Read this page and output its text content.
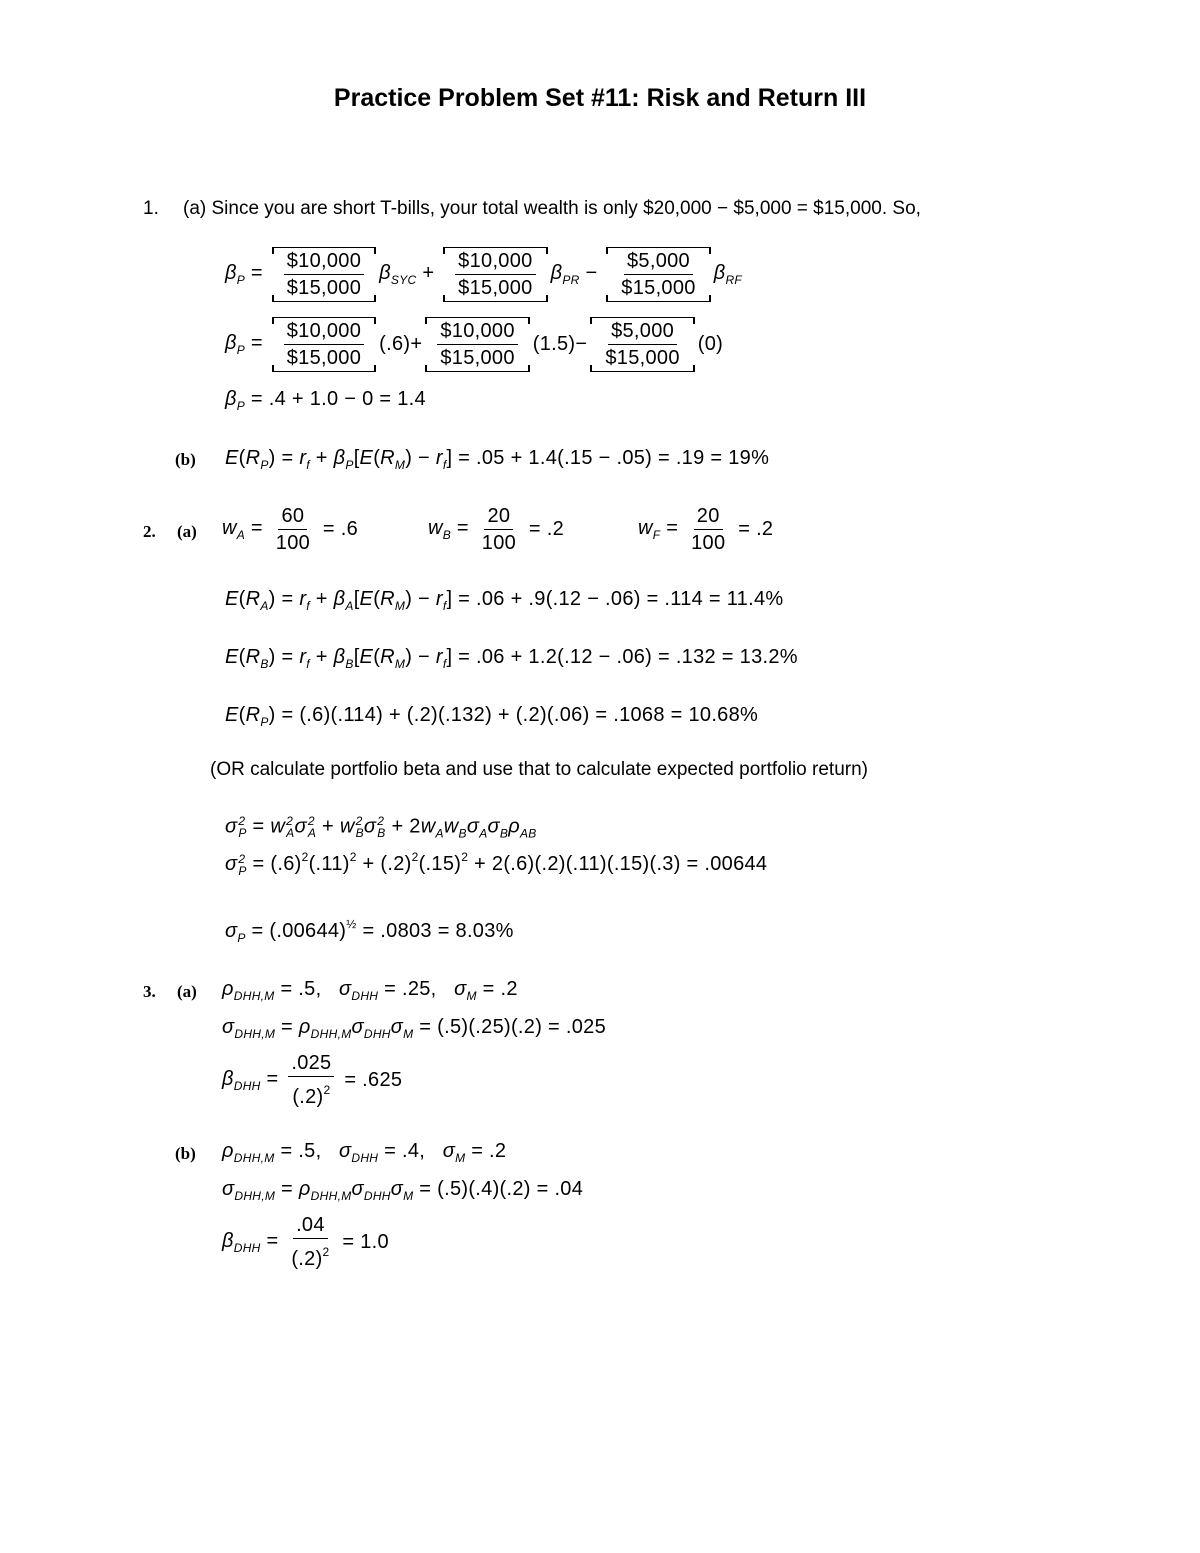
Practice Problem Set #11: Risk and Return III
1. (a) Since you are short T-bills, your total wealth is only $20,000 − $5,000 = $15,000. So,
$\beta_P = \frac{\$10,000}{\$15,000} \beta_{SYC} + \frac{\$10,000}{\$15,000} \beta_{PR} - \frac{\$5,000}{\$15,000} \beta_{RF}$
$\beta_P = \frac{\$10,000}{\$15,000} (.6)+ \frac{\$10,000}{\$15,000} (1.5)- \frac{\$5,000}{\$15,000} (0)$
$\beta_P = .4 + 1.0 - 0 = 1.4$
(b) $E(R_P) = r_f + \beta_P[E(R_M) - r_f] = .05 + 1.4(.15 - .05) = .19 = 19\%$
2. (a) $w_A = \frac{60}{100} = .6$	$w_B = \frac{20}{100} = .2$	$w_F = \frac{20}{100} = .2$
$E(R_A) = r_f + \beta_A[E(R_M) - r_f] = .06 + .9(.12 - .06) = .114 = 11.4\%$
$E(R_B) = r_f + \beta_B[E(R_M) - r_f] = .06 + 1.2(.12 - .06) = .132 = 13.2\%$
$E(R_P) = (.6)(.114) + (.2)(.132) + (.2)(.06) = .1068 = 10.68\%$
(OR calculate portfolio beta and use that to calculate expected portfolio return)
σ 2
P = w 2
A σ 2
A + w 2
B σ 2
$B + 2w_Aw_B\sigma_A\sigma_B\rho_{AB}$
σ 2
$P = (.6)^2(.11)^2 + (.2)^2(.15)^2 + 2(.6)(.2)(.11)(.15)(.3) = .00644$
$\sigma_P = (.00644)^{\frac{1}{2}} = .0803 = 8.03\%$
3. (a) $\rho_{DHH,M} = .5$,   $\sigma_{DHH} = .25$,   $\sigma_M = .2$
$\sigma_{DHH,M} = \rho_{DHH,M}\sigma_{DHH}\sigma_M = (.5)(.25)(.2) = .025$
$\beta_{DHH} = \frac{.025}{(.2)^2} = .625$
(b) $\rho_{DHH,M} = .5$,   $\sigma_{DHH} = .4$,   $\sigma_M = .2$
$\sigma_{DHH,M} = \rho_{DHH,M}\sigma_{DHH}\sigma_M = (.5)(.4)(.2) = .04$
$\beta_{DHH} = \frac{.04}{(.2)^2} = 1.0$
